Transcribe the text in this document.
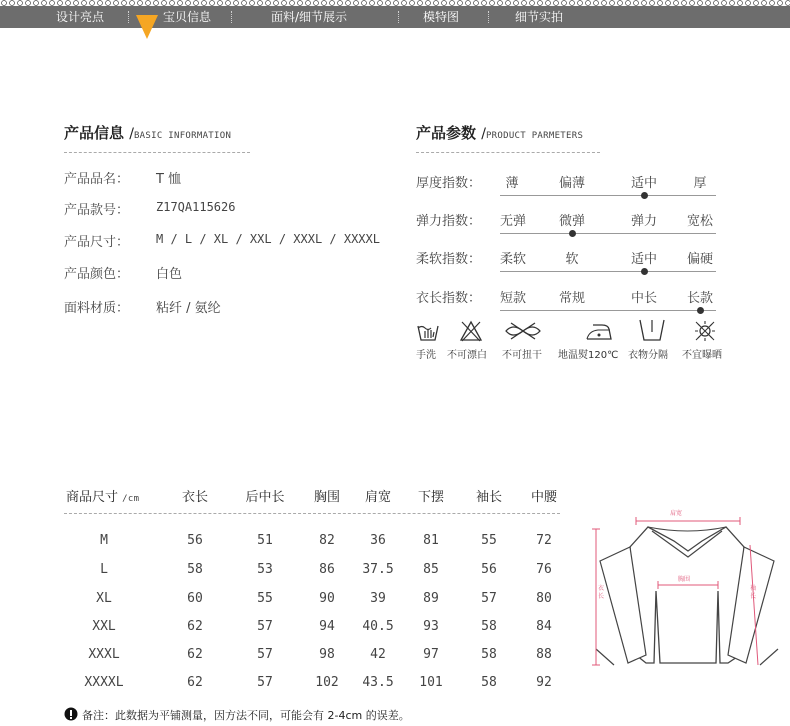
设计亮点	宝贝信息	面料/细节展示	模特图	细节实拍
产品信息 /BASIC INFORMATION
产品品名： T 恤
产品款号： Z17QA115626
产品尺寸： M / L / XL / XXL / XXXL / XXXXL
产品颜色： 白色
面料材质： 粘纤 / 氨纶
产品参数 /PRODUCT PARMETERS
厚度指数：	薄	偏薄	适中	厚
弹力指数： 无弹	微弹	弹力	宽松
柔软指数： 柔软	软	适中	偏硬
衣长指数： 短款	常规	中长	长款
手洗 不可漂白 不可扭干 地温熨120℃ 衣物分隔 不宜曝晒
商品尺寸 /cm	衣长	后中长	胸围	肩宽	下摆	袖长	中腰
M	56	51	82	36	81	55	72
L	58	53	86	37.5	85	56	76
XL	60	55	90	39	89	57	80
XXL	62	57	94	40.5	93	58	84
XXXL	62	57	98	42	97	58	88
XXXXL	62	57	102	43.5	101	58	92
肩宽
胸围
衣长
袖长
备注：此数据为平铺测量，因方法不同，可能会有 2-4cm 的误差。
